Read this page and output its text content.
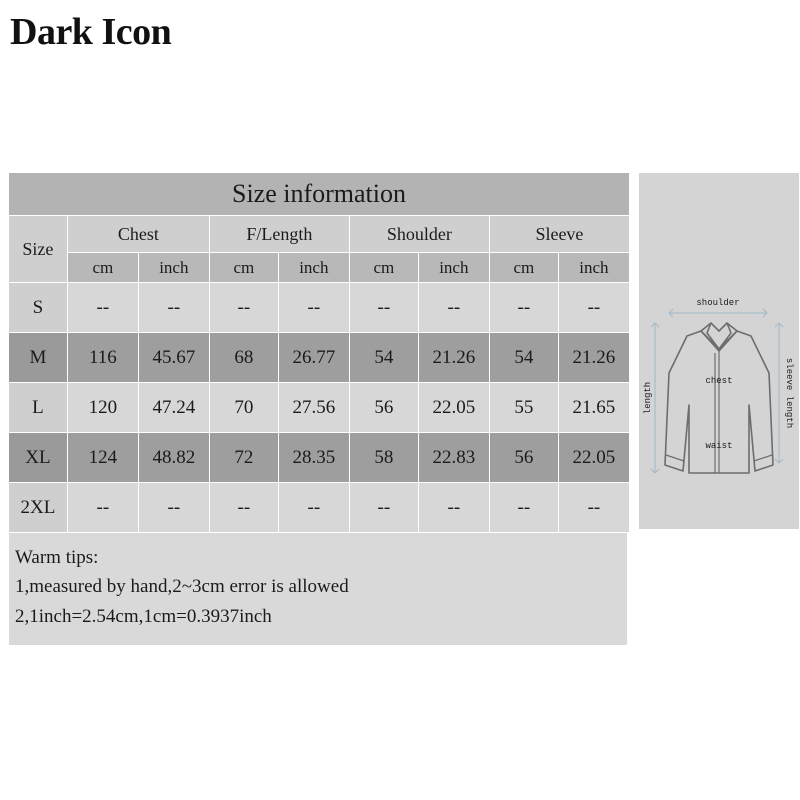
Dark Icon
Size information								
Size	Chest		F/Length		Shoulder		Sleeve	
	cm	inch	cm	inch	cm	inch	cm	inch
S	--	--	--	--	--	--	--	--
M	116	45.67	68	26.77	54	21.26	54	21.26
L	120	47.24	70	27.56	56	22.05	55	21.65
XL	124	48.82	72	28.35	58	22.83	56	22.05
2XL	--	--	--	--	--	--	--	--
Warm tips:
1,measured by hand,2~3cm error is allowed
2,1inch=2.54cm,1cm=0.3937inch
shoulder
chest
waist
length	sleeve length
